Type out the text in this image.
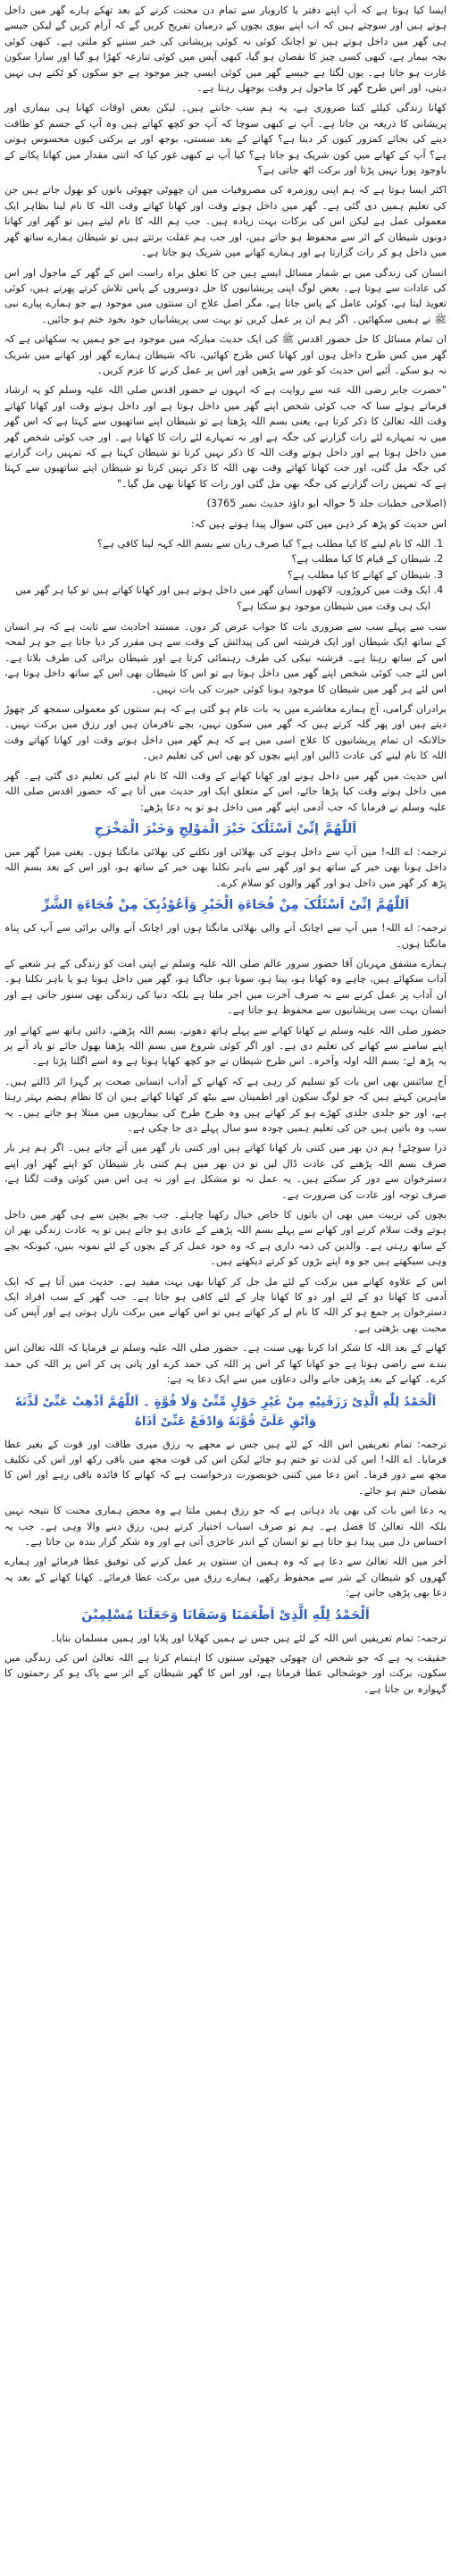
ایسا کیا ہوتا ہے کہ آپ اپنے دفتر یا کاروبار سے تمام دن محنت کرنے کے بعد تھکے ہارے گھر میں داخل ہوتے ہیں اور سوچتے ہیں کہ اب اپنے بیوی بچوں کے درمیان تفریح کریں گے کہ آرام کریں گے لیکن جیسے ہی گھر میں داخل ہوتے ہیں تو اچانک کوئی نہ کوئی پریشانی کی خبر سننے کو ملتی ہے۔ کبھی کوئی بچہ بیمار ہے، کبھی کسی چیز کا نقصان ہو گیا، کبھی آپس میں کوئی تنازعہ کھڑا ہو گیا اور سارا سکون غارت ہو جاتا ہے۔ یوں لگتا ہے جیسے گھر میں کوئی ایسی چیز موجود ہے جو سکون کو ٹکنے ہی نہیں دیتی، اور اس طرح گھر کا ماحول ہر وقت بوجھل رہتا ہے۔

کھانا زندگی کیلئے کتنا ضروری ہے، یہ ہم سب جانتے ہیں۔ لیکن بعض اوقات کھانا ہی بیماری اور پریشانی کا ذریعہ بن جاتا ہے۔ آپ نے کبھی سوچا کہ آپ جو کچھ کھاتے ہیں وہ آپ کے جسم کو طاقت دینے کی بجائے کمزور کیوں کر دیتا ہے؟ کھانے کے بعد سستی، بوجھ اور بے برکتی کیوں محسوس ہوتی ہے؟ آپ کے کھانے میں کون شریک ہو جاتا ہے؟ کیا آپ نے کبھی غور کیا کہ اتنی مقدار میں کھانا پکانے کے باوجود پورا نہیں پڑتا اور برکت اٹھ جاتی ہے؟

اکثر ایسا ہوتا ہے کہ ہم اپنی روزمرہ کی مصروفیات میں ان چھوٹی چھوٹی باتوں کو بھول جاتے ہیں جن کی تعلیم ہمیں دی گئی ہے۔ گھر میں داخل ہوتے وقت اور کھانا کھاتے وقت اللہ کا نام لینا بظاہر ایک معمولی عمل ہے لیکن اس کی برکات بہت زیادہ ہیں۔ جب ہم اللہ کا نام لیتے ہیں تو گھر اور کھانا دونوں شیطان کے اثر سے محفوظ ہو جاتے ہیں، اور جب ہم غفلت برتتے ہیں تو شیطان ہمارے ساتھ گھر میں داخل ہو کر رات گزارتا ہے اور ہمارے کھانے میں شریک ہو جاتا ہے۔

انسان کی زندگی میں بے شمار مسائل ایسے ہیں جن کا تعلق براہ راست اس کے گھر کے ماحول اور اس کی عادات سے ہوتا ہے۔ بعض لوگ اپنی پریشانیوں کا حل دوسروں کے پاس تلاش کرتے پھرتے ہیں، کوئی تعویذ لیتا ہے، کوئی عامل کے پاس جاتا ہے، مگر اصل علاج ان سنتوں میں موجود ہے جو ہمارے پیارے نبی ﷺ نے ہمیں سکھائیں۔ اگر ہم ان پر عمل کریں تو بہت سی پریشانیاں خود بخود ختم ہو جائیں۔

ان تمام مسائل کا حل حضور اقدس ﷺ کی ایک حدیث مبارکہ میں موجود ہے جو ہمیں یہ سکھاتی ہے کہ گھر میں کس طرح داخل ہوں اور کھانا کس طرح کھائیں، تاکہ شیطان ہمارے گھر اور کھانے میں شریک نہ ہو سکے۔ آئیے اس حدیث کو غور سے پڑھیں اور اس پر عمل کرنے کا عزم کریں۔

"حضرت جابر رضی اللہ عنہ سے روایت ہے کہ انہوں نے حضور اقدس صلی اللہ علیہ وسلم کو یہ ارشاد فرماتے ہوئے سنا کہ جب کوئی شخص اپنے گھر میں داخل ہوتا ہے اور داخل ہوتے وقت اور کھانا کھاتے وقت اللہ تعالیٰ کا ذکر کرتا ہے، یعنی بسم اللہ پڑھتا ہے تو شیطان اپنے ساتھیوں سے کہتا ہے کہ اس گھر میں نہ تمہارے لئے رات گزارنے کی جگہ ہے اور نہ تمہارے لئے رات کا کھانا ہے۔ اور جب کوئی شخص گھر میں داخل ہوتا ہے اور داخل ہوتے وقت اللہ کا ذکر نہیں کرتا تو شیطان کہتا ہے کہ تمہیں رات گزارنے کی جگہ مل گئی، اور جب کھانا کھاتے وقت بھی اللہ کا ذکر نہیں کرتا تو شیطان اپنے ساتھیوں سے کہتا ہے کہ تمہیں رات گزارنے کی جگہ بھی مل گئی اور رات کا کھانا بھی مل گیا۔"

(اصلاحی خطبات جلد 5 حوالہ ابو داؤد حدیث نمبر 3765)

اس حدیث کو پڑھ کر ذہن میں کئی سوال پیدا ہوتے ہیں کہ:

1. اللہ کا نام لینے کا کیا مطلب ہے؟ کیا صرف زبان سے بسم اللہ کہہ لینا کافی ہے؟
2. شیطان کے قیام کا کیا مطلب ہے؟
3. شیطان کے کھانے کا کیا مطلب ہے؟
4. ایک وقت میں کروڑوں، لاکھوں انسان گھر میں داخل ہوتے ہیں اور کھانا کھاتے ہیں تو کیا ہر گھر میں ایک ہی وقت میں شیطان موجود ہو سکتا ہے؟

سب سے پہلے سب سے ضروری بات کا جواب عرض کر دوں۔ مستند احادیث سے ثابت ہے کہ ہر انسان کے ساتھ ایک شیطان اور ایک فرشتہ اس کی پیدائش کے وقت سے ہی مقرر کر دیا جاتا ہے جو ہر لمحہ اس کے ساتھ رہتا ہے۔ فرشتہ نیکی کی طرف رہنمائی کرتا ہے اور شیطان برائی کی طرف بلاتا ہے۔ اس لئے جب کوئی شخص اپنے گھر میں داخل ہوتا ہے تو اس کا شیطان بھی اس کے ساتھ داخل ہوتا ہے، اس لئے ہر گھر میں شیطان کا موجود ہونا کوئی حیرت کی بات نہیں۔

برادران گرامی، آج ہمارے معاشرے میں یہ بات عام ہو گئی ہے کہ ہم سنتوں کو معمولی سمجھ کر چھوڑ دیتے ہیں اور پھر گلہ کرتے ہیں کہ گھر میں سکون نہیں، بچے نافرمان ہیں اور رزق میں برکت نہیں۔ حالانکہ ان تمام پریشانیوں کا علاج اسی میں ہے کہ ہم گھر میں داخل ہوتے وقت اور کھانا کھاتے وقت اللہ کا نام لینے کی عادت ڈالیں اور اپنے بچوں کو بھی اس کی تعلیم دیں۔

اس حدیث میں گھر میں داخل ہونے اور کھانا کھانے کے وقت اللہ کا نام لینے کی تعلیم دی گئی ہے۔ گھر میں داخل ہوتے وقت کیا پڑھا جائے، اس کے متعلق ایک اور حدیث میں آتا ہے کہ حضور اقدس صلی اللہ علیہ وسلم نے فرمایا کہ جب آدمی اپنے گھر میں داخل ہو تو یہ دعا پڑھے:

اَللّٰهُمَّ اِنِّیْ اَسْئَلُکَ خَیْرَ الْمَوْلِجِ وَخَیْرَ الْمَخْرَجِ

ترجمہ: اے اللہ! میں آپ سے داخل ہونے کی بھلائی اور نکلنے کی بھلائی مانگتا ہوں۔ یعنی میرا گھر میں داخل ہونا بھی خیر کے ساتھ ہو اور گھر سے باہر نکلنا بھی خیر کے ساتھ ہو، اور اس کے بعد بسم اللہ پڑھ کر گھر میں داخل ہو اور گھر والوں کو سلام کرے۔

اَللّٰهُمَّ اِنِّیْ اَسْئَلُکَ مِنْ فُجَاءَةِ الْخَیْرِ وَاَعُوْذُبِکَ مِنْ فُجَاءَةِ الشَّرِّ

ترجمہ: اے اللہ! میں آپ سے اچانک آنے والی بھلائی مانگتا ہوں اور اچانک آنے والی برائی سے آپ کی پناہ مانگتا ہوں۔

ہمارے مشفق مہربان آقا حضور سرور عالم صلی اللہ علیہ وسلم نے اپنی امت کو زندگی کے ہر شعبے کے آداب سکھائے ہیں، چاہے وہ کھانا ہو، پینا ہو، سونا ہو، جاگنا ہو، گھر میں داخل ہونا ہو یا باہر نکلنا ہو۔ ان آداب پر عمل کرنے سے نہ صرف آخرت میں اجر ملتا ہے بلکہ دنیا کی زندگی بھی سنور جاتی ہے اور انسان بہت سی پریشانیوں سے محفوظ ہو جاتا ہے۔

حضور صلی اللہ علیہ وسلم نے کھانا کھانے سے پہلے ہاتھ دھونے، بسم اللہ پڑھنے، دائیں ہاتھ سے کھانے اور اپنے سامنے سے کھانے کی تعلیم دی ہے۔ اور اگر کوئی شروع میں بسم اللہ پڑھنا بھول جائے تو یاد آنے پر یہ پڑھ لے: بسم اللہ اولہ وآخرہ۔ اس طرح شیطان نے جو کچھ کھایا ہوتا ہے وہ اسے اگلنا پڑتا ہے۔

آج سائنس بھی اس بات کو تسلیم کر رہی ہے کہ کھانے کے آداب انسانی صحت پر گہرا اثر ڈالتے ہیں۔ ماہرین کہتے ہیں کہ جو لوگ سکون اور اطمینان سے بیٹھ کر کھانا کھاتے ہیں ان کا نظام ہضم بہتر رہتا ہے، اور جو جلدی جلدی کھڑے ہو کر کھاتے ہیں وہ طرح طرح کی بیماریوں میں مبتلا ہو جاتے ہیں۔ یہ سب وہ باتیں ہیں جن کی تعلیم ہمیں چودہ سو سال پہلے دی جا چکی ہے۔

ذرا سوچئے! ہم دن بھر میں کتنی بار کھانا کھاتے ہیں اور کتنی بار گھر میں آتے جاتے ہیں۔ اگر ہم ہر بار صرف بسم اللہ پڑھنے کی عادت ڈال لیں تو دن بھر میں ہم کتنی بار شیطان کو اپنے گھر اور اپنے دسترخوان سے دور کر سکتے ہیں۔ یہ عمل نہ تو مشکل ہے اور نہ ہی اس میں کوئی وقت لگتا ہے، صرف توجہ اور عادت کی ضرورت ہے۔

بچوں کی تربیت میں بھی ان باتوں کا خاص خیال رکھنا چاہئے۔ جب بچے بچپن سے ہی گھر میں داخل ہوتے وقت سلام کرنے اور کھانے سے پہلے بسم اللہ پڑھنے کے عادی ہو جاتے ہیں تو یہ عادت زندگی بھر ان کے ساتھ رہتی ہے۔ والدین کی ذمہ داری ہے کہ وہ خود عمل کر کے بچوں کے لئے نمونہ بنیں، کیونکہ بچے وہی سیکھتے ہیں جو وہ اپنے بڑوں کو کرتے دیکھتے ہیں۔

اس کے علاوہ کھانے میں برکت کے لئے مل جل کر کھانا بھی بہت مفید ہے۔ حدیث میں آتا ہے کہ ایک آدمی کا کھانا دو کے لئے اور دو کا کھانا چار کے لئے کافی ہو جاتا ہے۔ جب گھر کے سب افراد ایک دسترخوان پر جمع ہو کر اللہ کا نام لے کر کھاتے ہیں تو اس کھانے میں برکت نازل ہوتی ہے اور آپس کی محبت بھی بڑھتی ہے۔

کھانے کے بعد اللہ کا شکر ادا کرنا بھی سنت ہے۔ حضور صلی اللہ علیہ وسلم نے فرمایا کہ اللہ تعالیٰ اس بندے سے راضی ہوتا ہے جو کھانا کھا کر اس پر اللہ کی حمد کرے اور پانی پی کر اس پر اللہ کی حمد کرے۔ کھانے کے بعد پڑھی جانے والی دعاؤں میں سے ایک دعا یہ ہے:

اَلْحَمْدُ لِلّٰهِ الَّذِیْ رَزَقَنِیْهِ مِنْ غَیْرِ حَوْلٍ مِّنِّیْ وَلَا قُوَّةٍ ۔ اَللّٰهُمَّ اَذْهِبْ عَنِّیْ لَذَّتَهٗ وَاَبْقِ عَلَیَّ قُوَّتَهٗ وَادْفَعْ عَنِّیْ اَذَاهُ

ترجمہ: تمام تعریفیں اس اللہ کے لئے ہیں جس نے مجھے یہ رزق میری طاقت اور قوت کے بغیر عطا فرمایا۔ اے اللہ! اس کی لذت تو ختم ہو جائے لیکن اس کی قوت مجھ میں باقی رکھ اور اس کی تکلیف مجھ سے دور فرما۔ اس دعا میں کتنی خوبصورت درخواست ہے کہ کھانے کا فائدہ باقی رہے اور اس کا نقصان ختم ہو جائے۔

یہ دعا اس بات کی بھی یاد دہانی ہے کہ جو رزق ہمیں ملتا ہے وہ محض ہماری محنت کا نتیجہ نہیں بلکہ اللہ تعالیٰ کا فضل ہے۔ ہم تو صرف اسباب اختیار کرتے ہیں، رزق دینے والا وہی ہے۔ جب یہ احساس دل میں پیدا ہو جاتا ہے تو انسان کے اندر عاجزی آتی ہے اور وہ شکر گزار بندہ بن جاتا ہے۔

آخر میں اللہ تعالیٰ سے دعا ہے کہ وہ ہمیں ان سنتوں پر عمل کرنے کی توفیق عطا فرمائے اور ہمارے گھروں کو شیطان کے شر سے محفوظ رکھے، ہمارے رزق میں برکت عطا فرمائے۔ کھانا کھانے کے بعد یہ دعا بھی پڑھی جاتی ہے:

اَلْحَمْدُ لِلّٰهِ الَّذِیْ اَطْعَمَنَا وَسَقَانَا وَجَعَلَنَا مُسْلِمِیْنَ

ترجمہ: تمام تعریفیں اس اللہ کے لئے ہیں جس نے ہمیں کھلایا اور پلایا اور ہمیں مسلمان بنایا۔

حقیقت یہ ہے کہ جو شخص ان چھوٹی چھوٹی سنتوں کا اہتمام کرتا ہے اللہ تعالیٰ اس کی زندگی میں سکون، برکت اور خوشحالی عطا فرماتا ہے، اور اس کا گھر شیطان کے اثر سے پاک ہو کر رحمتوں کا گہوارہ بن جاتا ہے۔
